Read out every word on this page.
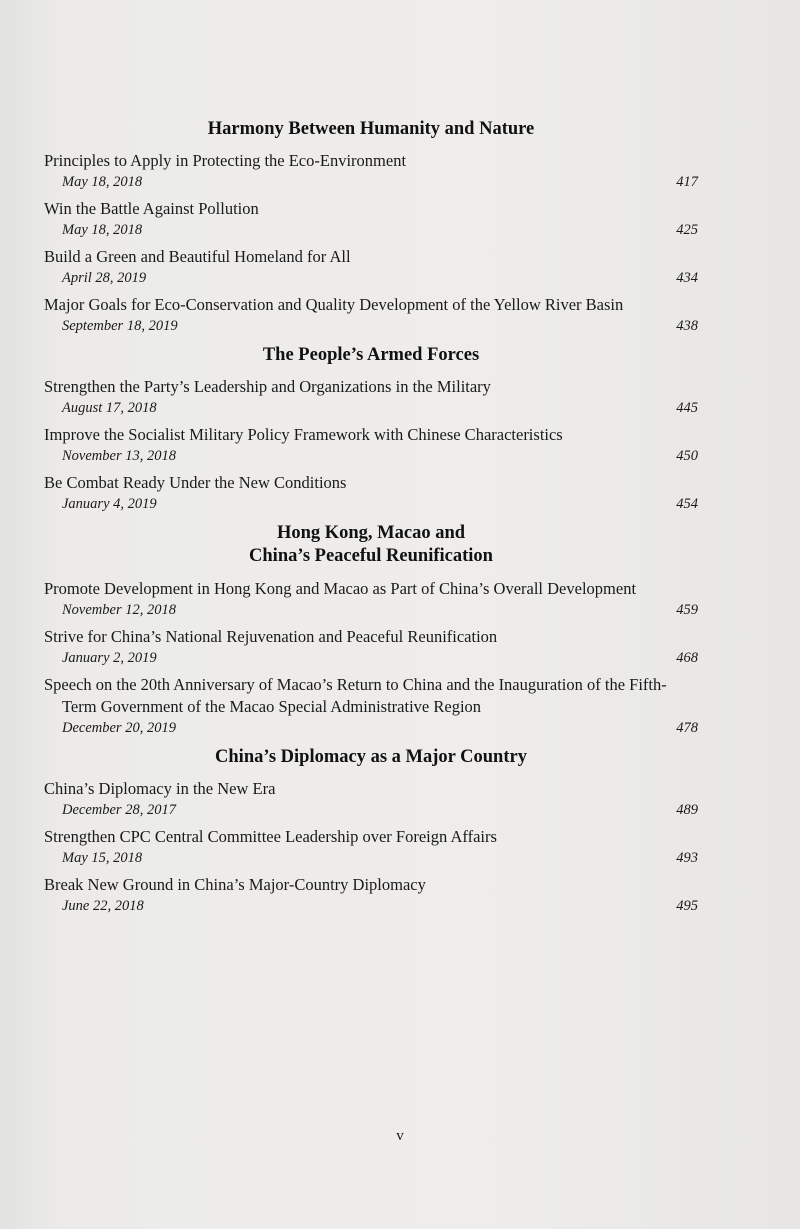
Harmony Between Humanity and Nature
Principles to Apply in Protecting the Eco-Environment
May 18, 2018	417
Win the Battle Against Pollution
May 18, 2018	425
Build a Green and Beautiful Homeland for All
April 28, 2019	434
Major Goals for Eco-Conservation and Quality Development of the Yellow River Basin
September 18, 2019	438
The People’s Armed Forces
Strengthen the Party’s Leadership and Organizations in the Military
August 17, 2018	445
Improve the Socialist Military Policy Framework with Chinese Characteristics
November 13, 2018	450
Be Combat Ready Under the New Conditions
January 4, 2019	454
Hong Kong, Macao and
China’s Peaceful Reunification
Promote Development in Hong Kong and Macao as Part of China’s Overall Development
November 12, 2018	459
Strive for China’s National Rejuvenation and Peaceful Reunification
January 2, 2019	468
Speech on the 20th Anniversary of Macao’s Return to China and the Inauguration of the Fifth-Term Government of the Macao Special Administrative Region
December 20, 2019	478
China’s Diplomacy as a Major Country
China’s Diplomacy in the New Era
December 28, 2017	489
Strengthen CPC Central Committee Leadership over Foreign Affairs
May 15, 2018	493
Break New Ground in China’s Major-Country Diplomacy
June 22, 2018	495
v
